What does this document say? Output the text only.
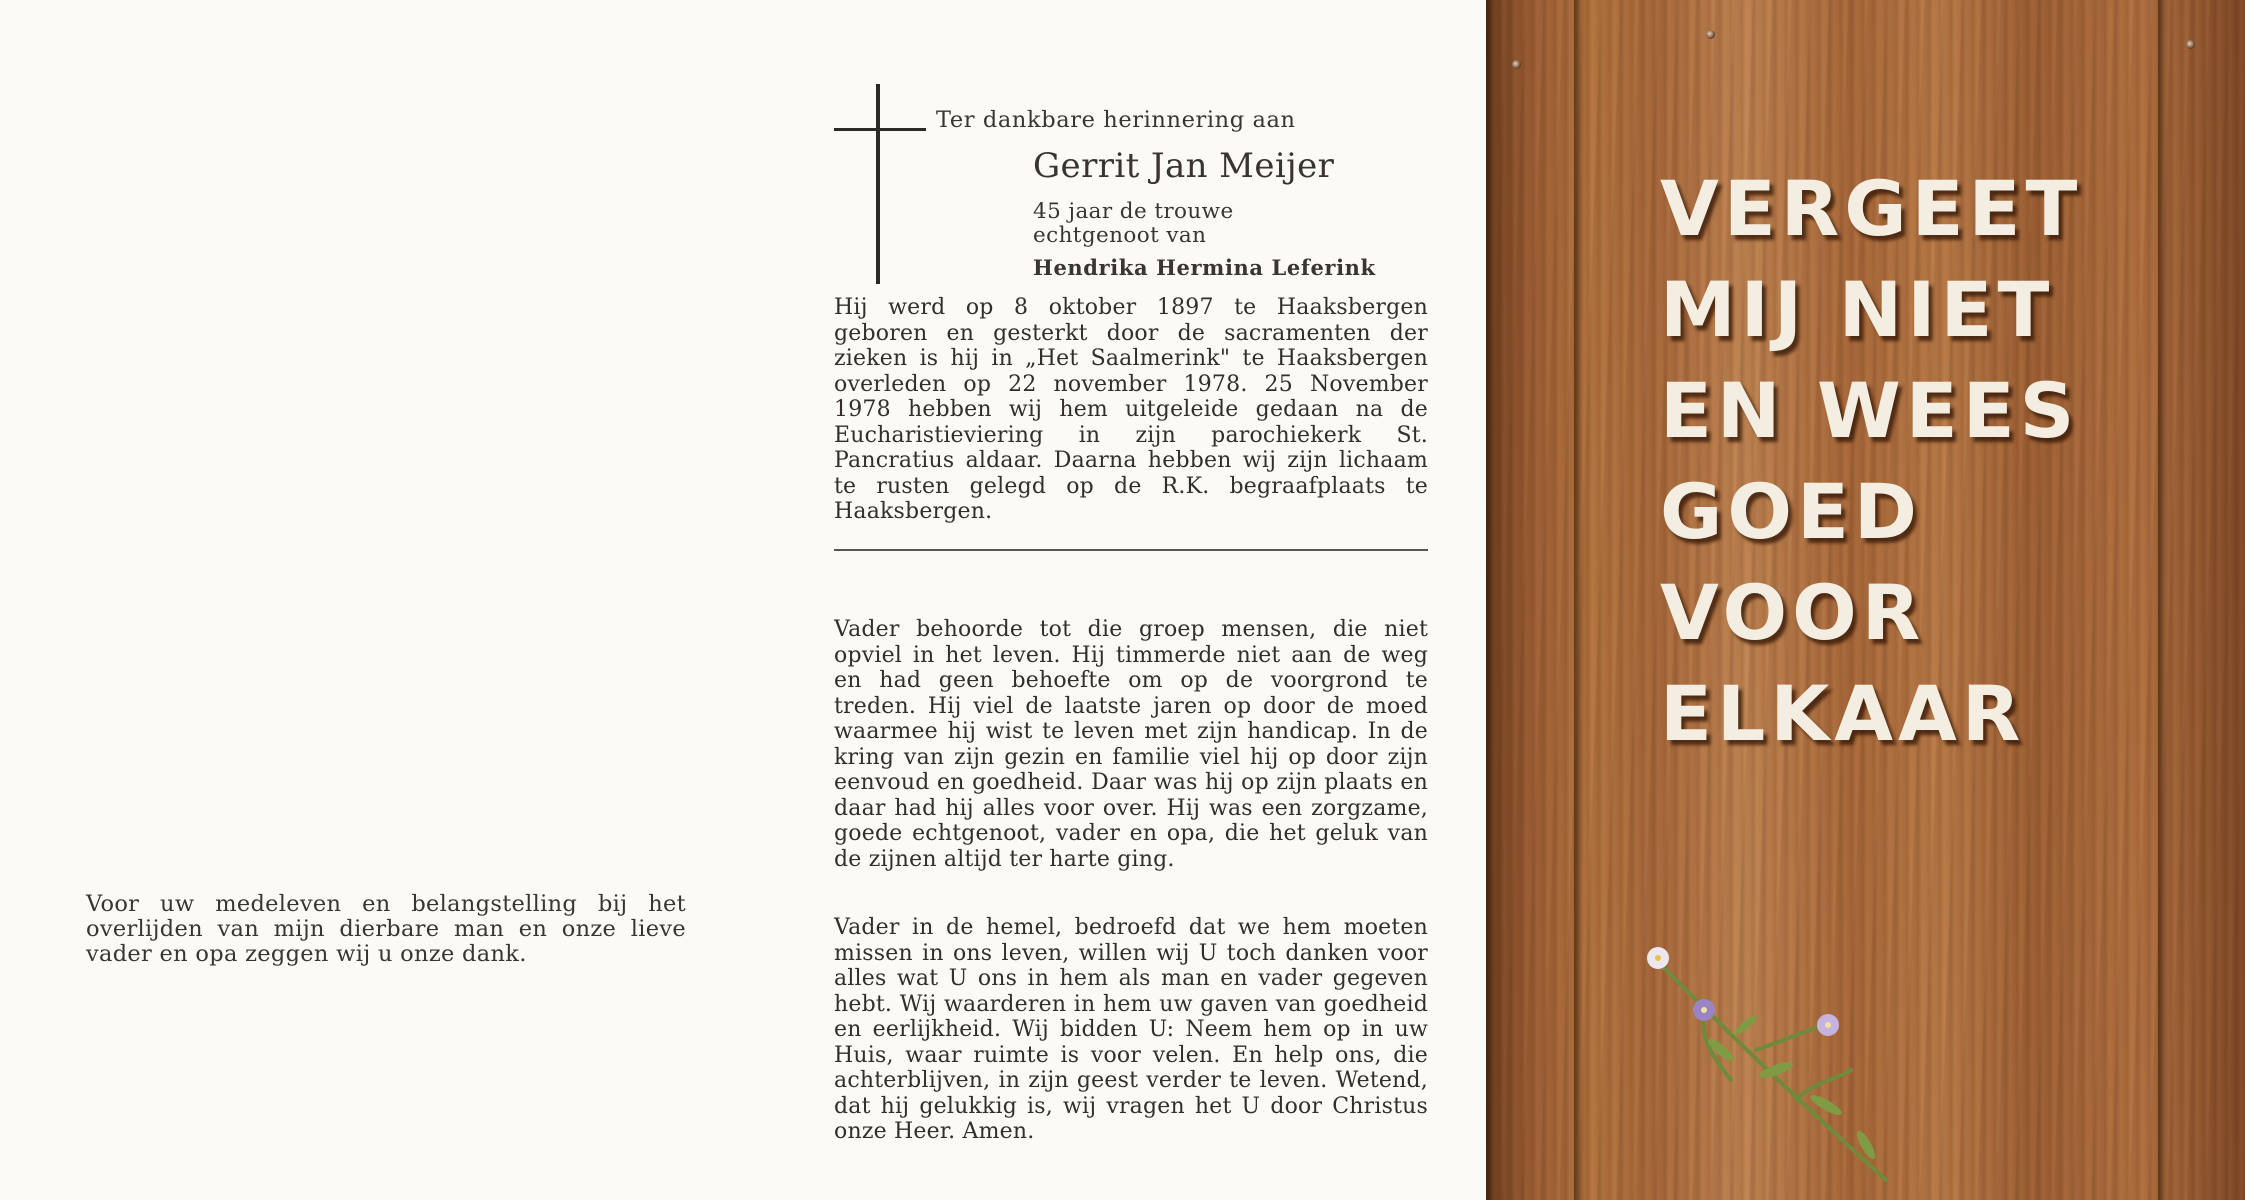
Voor uw medeleven en belangstelling bij het overlijden van mijn dierbare man en onze lieve vader en opa zeggen wij u onze dank.
Ter dankbare herinnering aan
Gerrit Jan Meijer
45 jaar de trouwe
echtgenoot van
Hendrika Hermina Leferink
Hij werd op 8 oktober 1897 te Haaksbergen geboren en gesterkt door de sacramenten der zieken is hij in „Het Saalmerink" te Haaksbergen overleden op 22 november 1978. 25 November 1978 hebben wij hem uitgeleide gedaan na de Eucharistieviering in zijn parochiekerk St. Pancratius aldaar. Daarna hebben wij zijn lichaam te rusten gelegd op de R.K. begraafplaats te Haaksbergen.
Vader behoorde tot die groep mensen, die niet opviel in het leven. Hij timmerde niet aan de weg en had geen behoefte om op de voorgrond te treden. Hij viel de laatste jaren op door de moed waarmee hij wist te leven met zijn handicap. In de kring van zijn gezin en familie viel hij op door zijn eenvoud en goedheid. Daar was hij op zijn plaats en daar had hij alles voor over. Hij was een zorgzame, goede echtgenoot, vader en opa, die het geluk van de zijnen altijd ter harte ging.
Vader in de hemel, bedroefd dat we hem moeten missen in ons leven, willen wij U toch danken voor alles wat U ons in hem als man en vader gegeven hebt. Wij waarderen in hem uw gaven van goedheid en eerlijkheid. Wij bidden U: Neem hem op in uw Huis, waar ruimte is voor velen. En help ons, die achterblijven, in zijn geest verder te leven. Wetend, dat hij gelukkig is, wij vragen het U door Christus onze Heer. Amen.
VERGEET
MIJ NIET
EN WEES
GOED
VOOR
ELKAAR
